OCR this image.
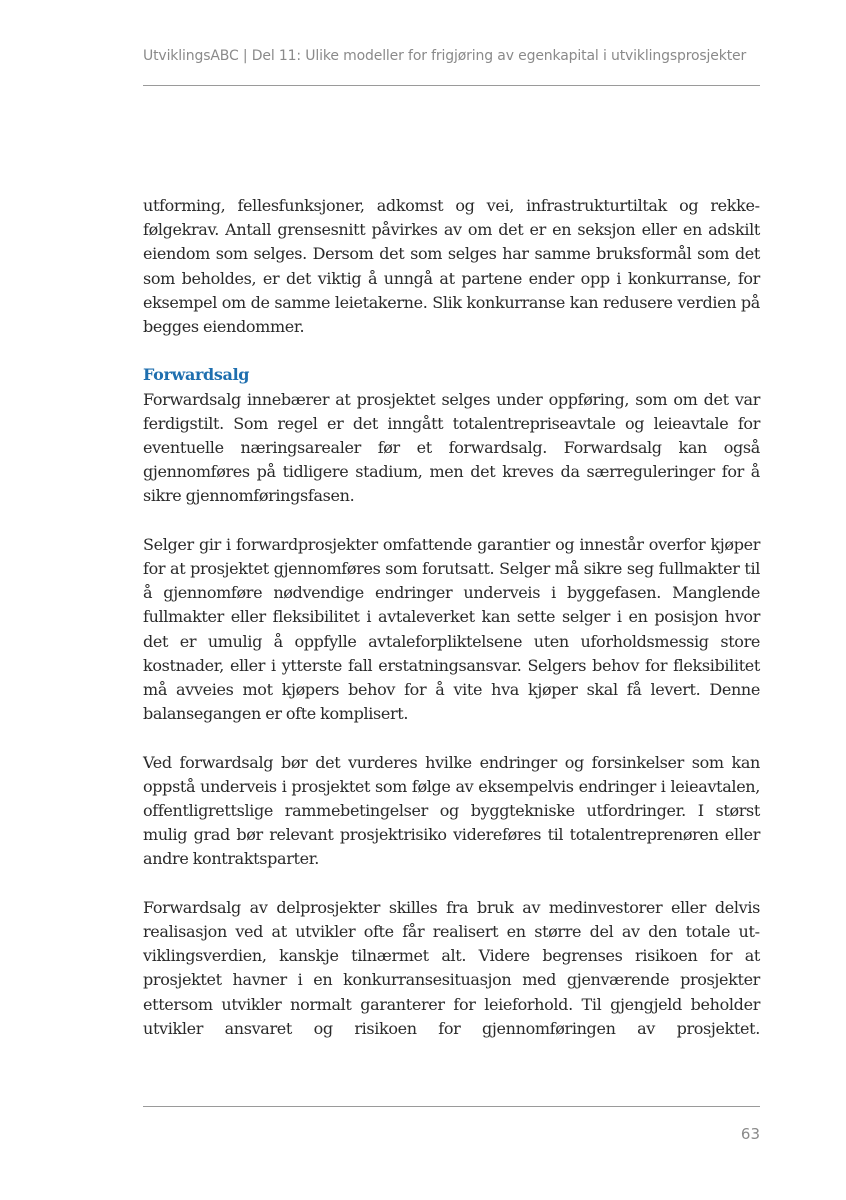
UtviklingsABC | Del 11: Ulike modeller for frigjøring av egenkapital i utviklingsprosjekter

utforming, fellesfunksjoner, adkomst og vei, infrastrukturtiltak og rekkefølgekrav. Antall grensesnitt påvirkes av om det er en seksjon eller en adskilt eiendom som selges. Dersom det som selges har samme bruksformål som det som beholdes, er det viktig å unngå at partene ender opp i konkurranse, for eksempel om de samme leietakerne. Slik konkurranse kan redusere verdien på begges eiendommer.

Forwardsalg

Forwardsalg innebærer at prosjektet selges under oppføring, som om det var ferdigstilt. Som regel er det inngått totalentrepriseavtale og leieavtale for eventuelle næringsarealer før et forwardsalg. Forwardsalg kan også gjennomføres på tidligere stadium, men det kreves da særreguleringer for å sikre gjennomføringsfasen.

Selger gir i forwardprosjekter omfattende garantier og innestår overfor kjøper for at prosjektet gjennomføres som forutsatt. Selger må sikre seg fullmakter til å gjennomføre nødvendige endringer underveis i byggefasen. Manglende fullmakter eller fleksibilitet i avtaleverket kan sette selger i en posisjon hvor det er umulig å oppfylle avtaleforpliktelsene uten uforholdsmessig store kostnader, eller i ytterste fall erstatningsansvar. Selgers behov for fleksibilitet må avveies mot kjøpers behov for å vite hva kjøper skal få levert. Denne balansegangen er ofte komplisert.

Ved forwardsalg bør det vurderes hvilke endringer og forsinkelser som kan oppstå underveis i prosjektet som følge av eksempelvis endringer i leieavtalen, offentligrettslige rammebetingelser og byggtekniske utfordringer. I størst mulig grad bør relevant prosjektrisiko videreføres til totalentreprenøren eller andre kontraktsparter.

Forwardsalg av delprosjekter skilles fra bruk av medinvestorer eller delvis realisasjon ved at utvikler ofte får realisert en større del av den totale utviklingsverdien, kanskje tilnærmet alt. Videre begrenses risikoen for at prosjektet havner i en konkurransesituasjon med gjenværende prosjekter ettersom utvikler normalt garanterer for leieforhold. Til gjengjeld beholder utvikler ansvaret og risikoen for gjennomføringen av prosjektet.

63
